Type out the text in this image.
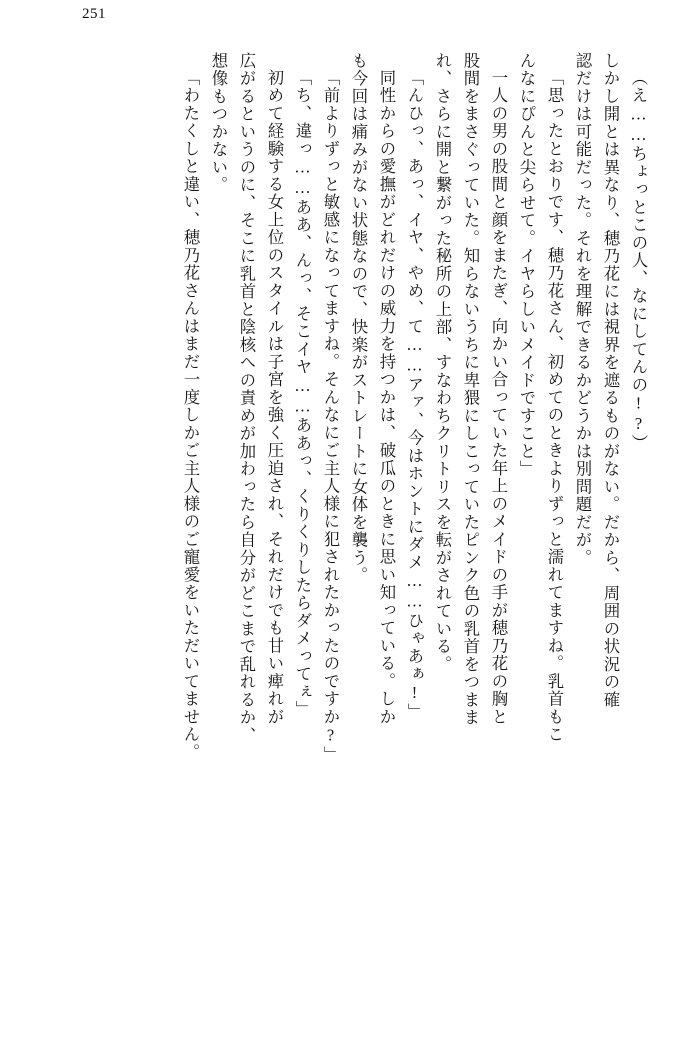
251
（え……ちょっとこの人、なにしてんの!?）
しかし開とは異なり、穂乃花には視界を遮るものがない。だから、周囲の状況の確
認だけは可能だった。それを理解できるかどうかは別問題だが。
「思ったとおりです、穂乃花さん、初めてのときよりずっと濡れてますね。乳首もこ
んなにぴんと尖らせて。イヤらしいメイドですこと」
一人の男の股間と顔をまたぎ、向かい合っていた年上のメイドの手が穂乃花の胸と
股間をまさぐっていた。知らないうちに卑猥にしこっていたピンク色の乳首をつまま
れ、さらに開と繋がった秘所の上部、すなわちクリトリスを転がされている。
「んひっ、あっ、イヤ、やめ、て……アァ、今はホントにダメ……ひゃあぁ!」
同性からの愛撫がどれだけの威力を持つかは、破瓜のときに思い知っている。しか
も今回は痛みがない状態なので、快楽がストレートに女体を襲う。
「前よりずっと敏感になってますね。そんなにご主人様に犯されたかったのですか?」
「ち、違っ……ああ、んっ、そこイヤ……ああっ、くりくりしたらダメってぇ」
初めて経験する女上位のスタイルは子宮を強く圧迫され、それだけでも甘い痺れが
広がるというのに、そこに乳首と陰核への責めが加わったら自分がどこまで乱れるか、
想像もつかない。
「わたくしと違い、穂乃花さんはまだ一度しかご主人様のご寵愛をいただいてません。
